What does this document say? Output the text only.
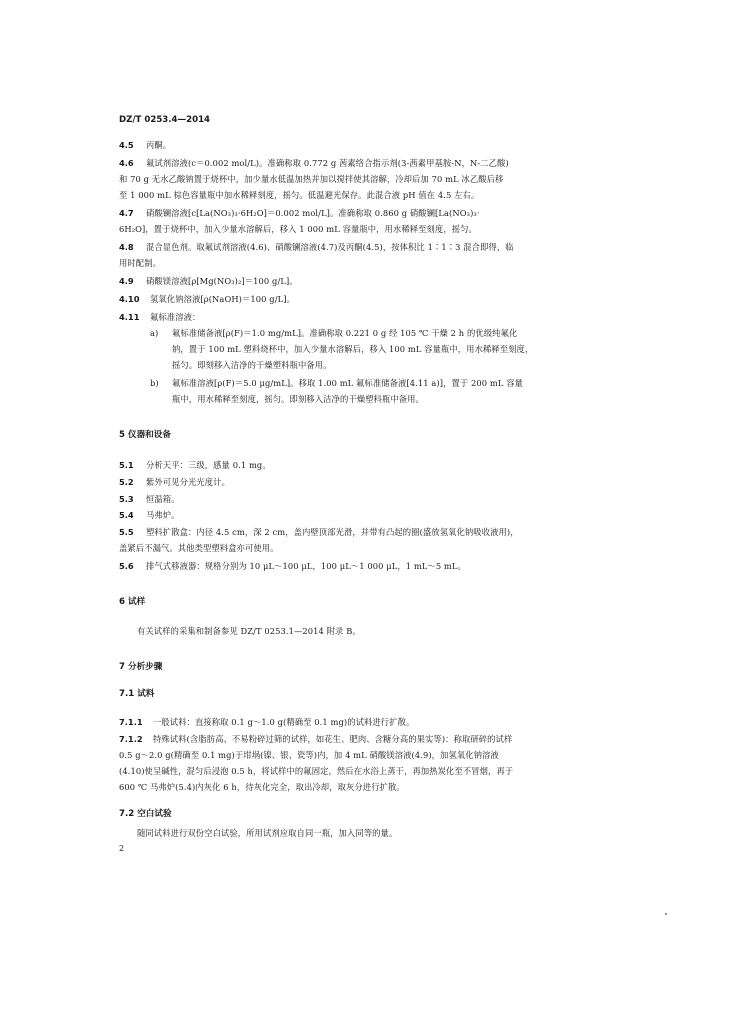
DZ/T 0253.4—2014
4.5 丙酮。
4.6 氟试剂溶液(c＝0.002 mol/L)。准确称取 0.772 g 茜素络合指示剂(3-茜素甲基胺-N，N-二乙酸)
和 70 g 无水乙酸钠置于烧杯中，加少量水低温加热并加以搅拌使其溶解，冷却后加 70 mL 冰乙酸后移
至 1 000 mL 棕色容量瓶中加水稀释刻度，摇匀。低温避光保存。此混合液 pH 值在 4.5 左右。
4.7 硝酸镧溶液[c[La(NO₃)₃·6H₂O]＝0.002 mol/L]。准确称取 0.860 g 硝酸镧[La(NO₃)₃·
6H₂O]，置于烧杯中，加入少量水溶解后，移入 1 000 mL 容量瓶中，用水稀释至刻度，摇匀。
4.8 混合显色剂。取氟试剂溶液(4.6)、硝酸镧溶液(4.7)及丙酮(4.5)，按体积比 1∶1∶3 混合即得，临
用时配制。
4.9 硝酸镁溶液[ρ[Mg(NO₃)₂]＝100 g/L]。
4.10 氢氧化钠溶液[ρ(NaOH)＝100 g/L]。
4.11 氟标准溶液：
a) 氟标准储备液[ρ(F)＝1.0 mg/mL]。准确称取 0.221 0 g 经 105 ℃ 干燥 2 h 的优级纯氟化
钠，置于 100 mL 塑料烧杯中，加入少量水溶解后，移入 100 mL 容量瓶中，用水稀释至刻度，
摇匀。即刻移入洁净的干燥塑料瓶中备用。
b) 氟标准溶液[ρ(F)＝5.0 μg/mL]。移取 1.00 mL 氟标准储备液[4.11 a)]，置于 200 mL 容量
瓶中，用水稀释至刻度，摇匀。即刻移入洁净的干燥塑料瓶中备用。
5 仪器和设备
5.1 分析天平：三级，感量 0.1 mg。
5.2 紫外可见分光光度计。
5.3 恒温箱。
5.4 马弗炉。
5.5 塑料扩散盒：内径 4.5 cm，深 2 cm，盖内壁顶部光滑，并带有凸起的圈(盛放氢氧化钠吸收液用)，
盖紧后不漏气。其他类型塑料盒亦可使用。
5.6 排气式移液器：规格分别为 10 μL～100 μL，100 μL～1 000 μL，1 mL～5 mL。
6 试样
有关试样的采集和制备参见 DZ/T 0253.1—2014 附录 B。
7 分析步骤
7.1 试料
7.1.1 一般试料：直接称取 0.1 g～1.0 g(精确至 0.1 mg)的试料进行扩散。
7.1.2 特殊试料(含脂肪高、不易粉碎过筛的试样，如花生、肥肉、含糖分高的果实等)：称取研碎的试样
0.5 g～2.0 g(精确至 0.1 mg)于坩埚(镍、银、瓷等)内，加 4 mL 硝酸镁溶液(4.9)，加氢氧化钠溶液
(4.10)使呈碱性，混匀后浸泡 0.5 h，将试样中的氟固定，然后在水浴上蒸干，再加热炭化至不冒烟，再于
600 ℃ 马弗炉(5.4)内灰化 6 h，待灰化完全，取出冷却，取灰分进行扩散。
7.2 空白试验
随同试料进行双份空白试验，所用试剂应取自同一瓶，加入同等的量。
2
